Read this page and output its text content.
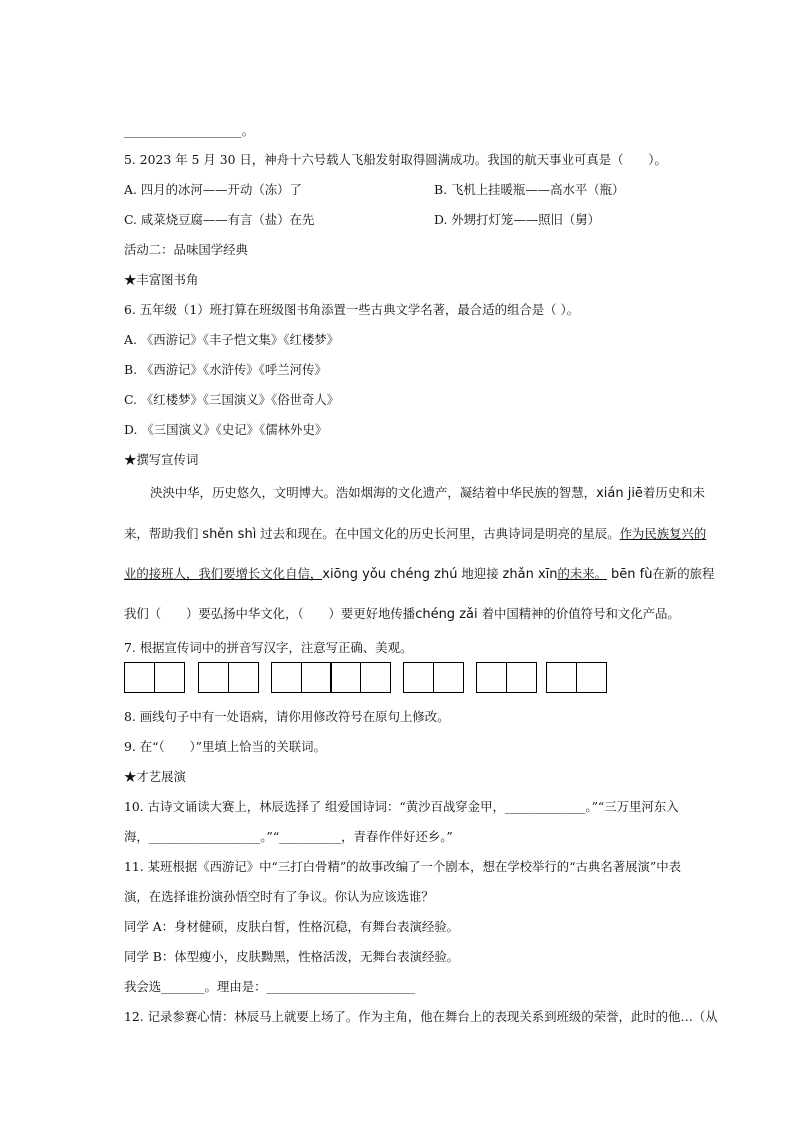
___________________。
5. 2023 年 5 月 30 日，神舟十六号载人飞船发射取得圆满成功。我国的航天事业可真是（　　）。
A. 四月的冰河——开动（冻）了	B. 飞机上挂暖瓶——高水平（瓶）
C. 咸菜烧豆腐——有言（盐）在先	D. 外甥打灯笼——照旧（舅）
活动二：品味国学经典
★丰富图书角
6. 五年级（1）班打算在班级图书角添置一些古典文学名著，最合适的组合是（ ）。
A. 《西游记》《丰子恺文集》《红楼梦》
B. 《西游记》《水浒传》《呼兰河传》
C. 《红楼梦》《三国演义》《俗世奇人》
D. 《三国演义》《史记》《儒林外史》
★撰写宣传词
泱泱中华，历史悠久，文明博大。浩如烟海的文化遗产，凝结着中华民族的智慧，xián jiē着历史和未
来，帮助我们 shěn shì 过去和现在。在中国文化的历史长河里，古典诗词是明亮的星辰。作为民族复兴的
业的接班人，我们要增长文化自信，xiōng yǒu chéng zhú 地迎接 zhǎn xīn的未来。 bēn fù在新的旅程
我们（　　）要弘扬中华文化，（　　）要更好地传播chéng zǎi 着中国精神的价值符号和文化产品。
7. 根据宣传词中的拼音写汉字，注意写正确、美观。
8. 画线句子中有一处语病，请你用修改符号在原句上修改。
9. 在“（　　）”里填上恰当的关联词。
★才艺展演
10. 古诗文诵读大赛上，林辰选择了 组爱国诗词：“黄沙百战穿金甲，_____________。”“三万里河东入
海，__________________。”“__________，青春作伴好还乡。”
11. 某班根据《西游记》中“三打白骨精”的故事改编了一个剧本，想在学校举行的“古典名著展演”中表
演，在选择谁扮演孙悟空时有了争议。你认为应该选谁？
同学 A：身材健硕，皮肤白皙，性格沉稳，有舞台表演经验。
同学 B：体型瘦小，皮肤黝黑，性格活泼，无舞台表演经验。
我会选_______。理由是：________________________
12. 记录参赛心情：林辰马上就要上场了。作为主角，他在舞台上的表现关系到班级的荣誉，此时的他…（从
